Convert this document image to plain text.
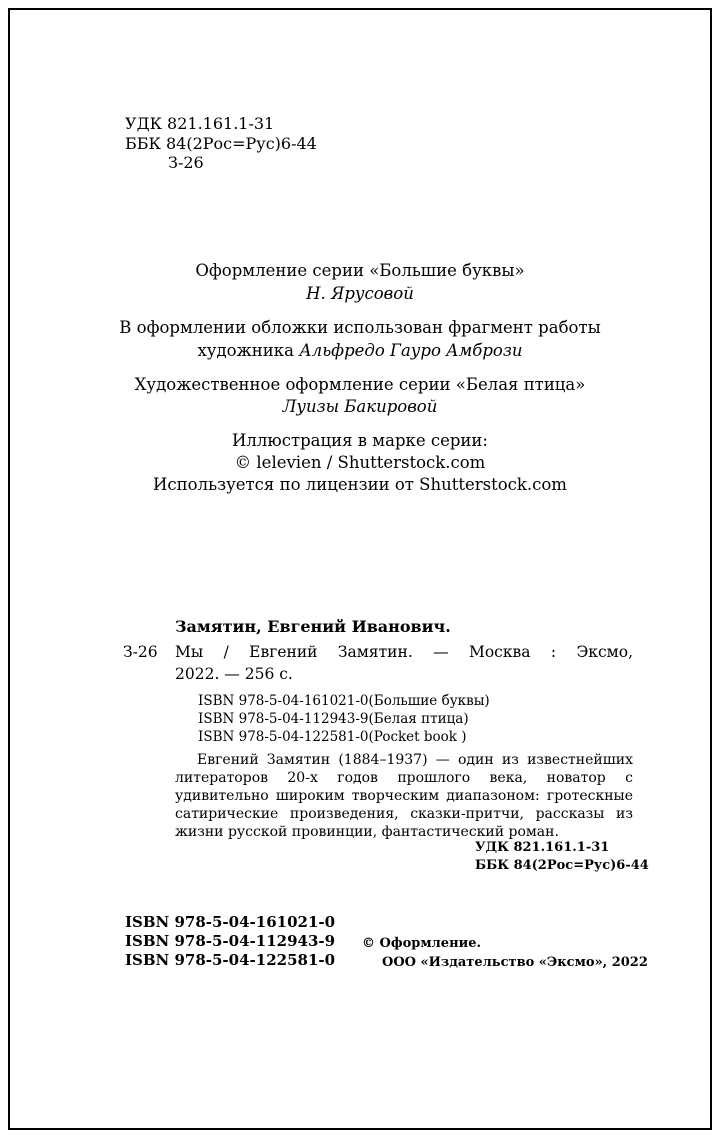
УДК 821.161.1-31
ББК 84(2Рос=Рус)6-44
З-26
Оформление серии «Большие буквы»
Н. Ярусовой
В оформлении обложки использован фрагмент работы
художника Альфредо Гауро Амбрози
Художественное оформление серии «Белая птица»
Луизы Бакировой
Иллюстрация в марке серии:
© lelevien / Shutterstock.com
Используется по лицензии от Shutterstock.com
Замятин, Евгений Иванович.
З-26 Мы / Евгений Замятин. — Москва : Эксмо,
2022. — 256 с.
ISBN 978-5-04-161021-0(Большие буквы)
ISBN 978-5-04-112943-9(Белая птица)
ISBN 978-5-04-122581-0(Pocket book )
Евгений Замятин (1884–1937) — один из известнейших литераторов 20-х годов прошлого века, новатор с удивительно широким творческим диапазоном: гротескные сатирические произведения, сказки-притчи, рассказы из жизни русской провинции, фантастический роман.
УДК 821.161.1-31
ББК 84(2Рос=Рус)6-44
ISBN 978-5-04-161021-0
ISBN 978-5-04-112943-9
ISBN 978-5-04-122581-0
© Оформление.
ООО «Издательство «Эксмо», 2022
